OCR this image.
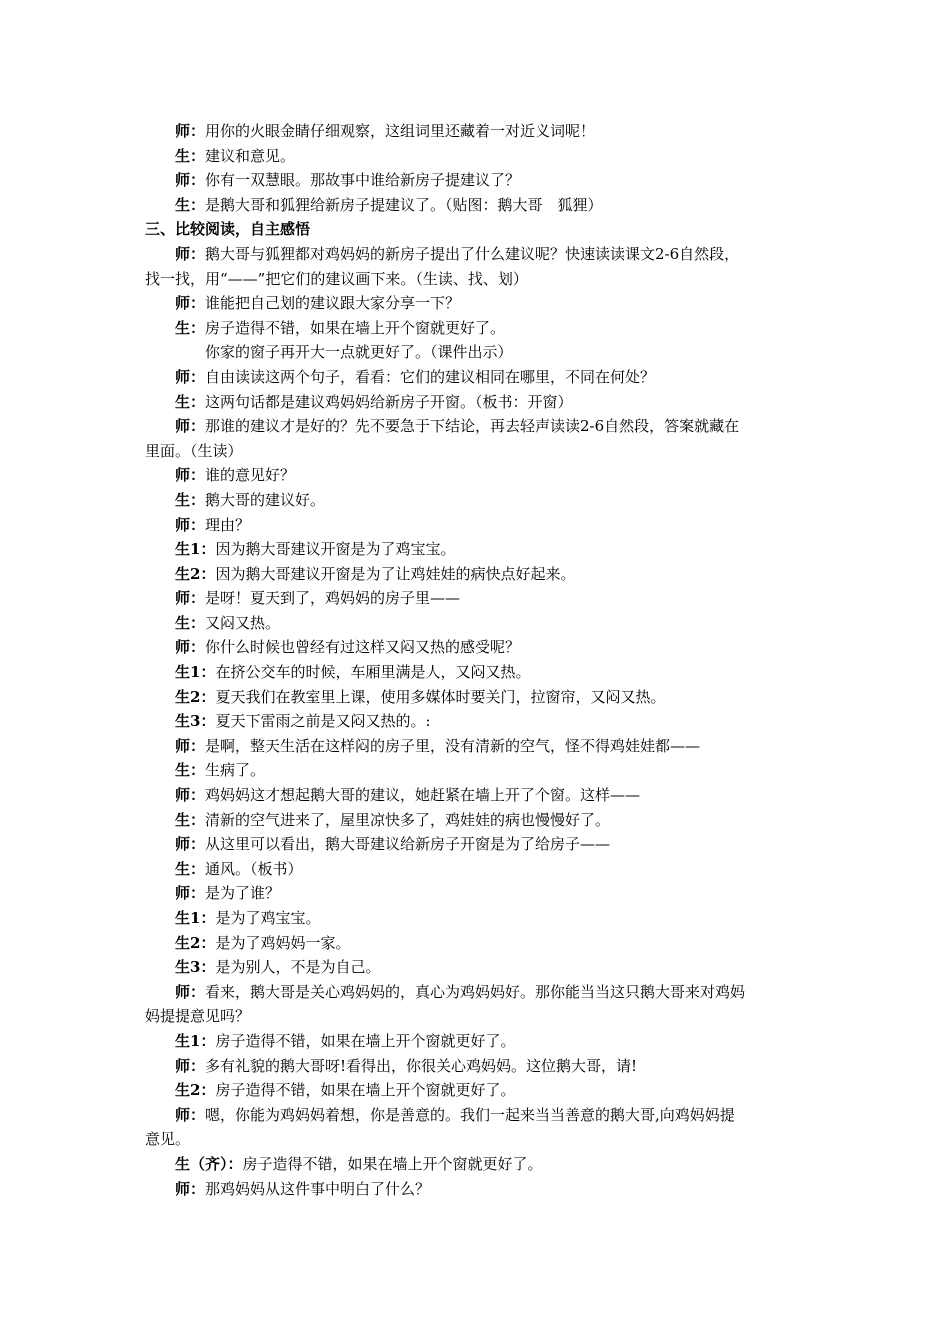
师：用你的火眼金睛仔细观察，这组词里还藏着一对近义词呢！
生：建议和意见。
师：你有一双慧眼。那故事中谁给新房子提建议了？
生：是鹅大哥和狐狸给新房子提建议了。（贴图：鹅大哥　狐狸）
三、比较阅读，自主感悟
师：鹅大哥与狐狸都对鸡妈妈的新房子提出了什么建议呢？快速读读课文2-6自然段，
找一找，用“——”把它们的建议画下来。（生读、找、划）
师：谁能把自己划的建议跟大家分享一下？
生：房子造得不错，如果在墙上开个窗就更好了。
你家的窗子再开大一点就更好了。（课件出示）
师：自由读读这两个句子，看看：它们的建议相同在哪里，不同在何处？
生：这两句话都是建议鸡妈妈给新房子开窗。（板书：开窗）
师：那谁的建议才是好的？先不要急于下结论，再去轻声读读2-6自然段，答案就藏在
里面。（生读）
师：谁的意见好？
生：鹅大哥的建议好。
师：理由？
生1：因为鹅大哥建议开窗是为了鸡宝宝。
生2：因为鹅大哥建议开窗是为了让鸡娃娃的病快点好起来。
师：是呀！夏天到了，鸡妈妈的房子里——
生：又闷又热。
师：你什么时候也曾经有过这样又闷又热的感受呢？
生1：在挤公交车的时候，车厢里满是人，又闷又热。
生2：夏天我们在教室里上课，使用多媒体时要关门，拉窗帘，又闷又热。
生3：夏天下雷雨之前是又闷又热的。:
师：是啊，整天生活在这样闷的房子里，没有清新的空气，怪不得鸡娃娃都——
生：生病了。
师：鸡妈妈这才想起鹅大哥的建议，她赶紧在墙上开了个窗。这样——
生：清新的空气进来了，屋里凉快多了，鸡娃娃的病也慢慢好了。
师：从这里可以看出，鹅大哥建议给新房子开窗是为了给房子——
生：通风。（板书）
师：是为了谁？
生1：是为了鸡宝宝。
生2：是为了鸡妈妈一家。
生3：是为别人，不是为自己。
师：看来，鹅大哥是关心鸡妈妈的，真心为鸡妈妈好。那你能当当这只鹅大哥来对鸡妈
妈提提意见吗？
生1：房子造得不错，如果在墙上开个窗就更好了。
师：多有礼貌的鹅大哥呀!看得出，你很关心鸡妈妈。这位鹅大哥，请!
生2：房子造得不错，如果在墙上开个窗就更好了。
师：嗯，你能为鸡妈妈着想，你是善意的。我们一起来当当善意的鹅大哥,向鸡妈妈提
意见。
生（齐）：房子造得不错，如果在墙上开个窗就更好了。
师：那鸡妈妈从这件事中明白了什么？
